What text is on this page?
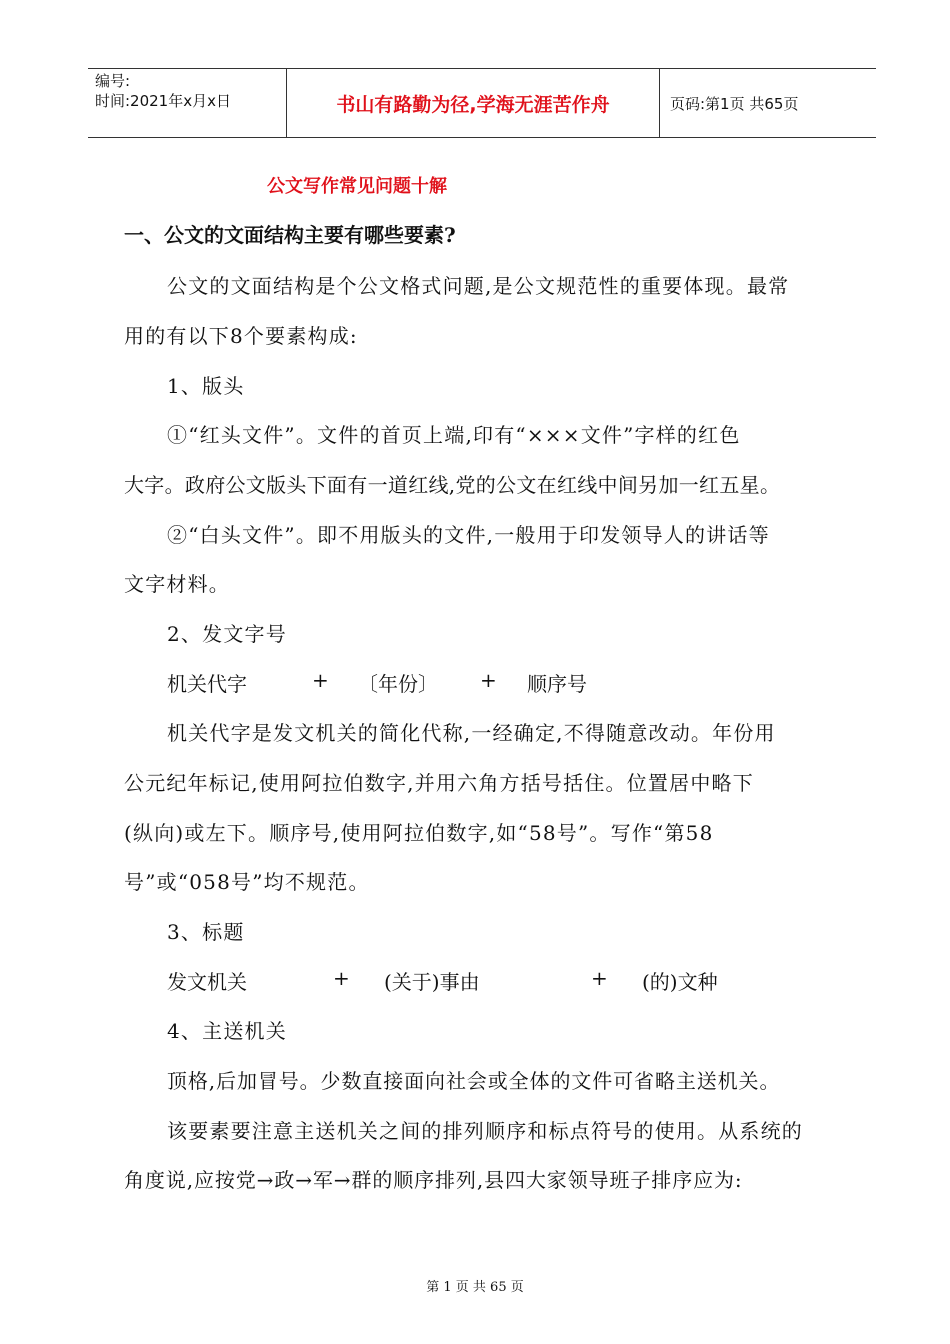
编号:
时间:2021年x月x日	书山有路勤为径,学海无涯苦作舟	页码:第1页 共65页
公文写作常见问题十解
一、公文的文面结构主要有哪些要素?
公文的文面结构是个公文格式问题,是公文规范性的重要体现。最常
用的有以下8个要素构成:
1、版头
①“红头文件”。文件的首页上端,印有“×××文件”字样的红色
大字。政府公文版头下面有一道红线,党的公文在红线中间另加一红五星。
②“白头文件”。即不用版头的文件,一般用于印发领导人的讲话等
文字材料。
2、发文字号
机关代字	+ 〔年份〕 + 顺序号
机关代字是发文机关的简化代称,一经确定,不得随意改动。年份用
公元纪年标记,使用阿拉伯数字,并用六角方括号括住。位置居中略下
(纵向)或左下。顺序号,使用阿拉伯数字,如“58号”。写作“第58
号”或“058号”均不规范。
3、标题
发文机关	+ (关于)事由	+ (的)文种
4、主送机关
顶格,后加冒号。少数直接面向社会或全体的文件可省略主送机关。
该要素要注意主送机关之间的排列顺序和标点符号的使用。从系统的
角度说,应按党→政→军→群的顺序排列,县四大家领导班子排序应为:
第 1 页 共 65 页
